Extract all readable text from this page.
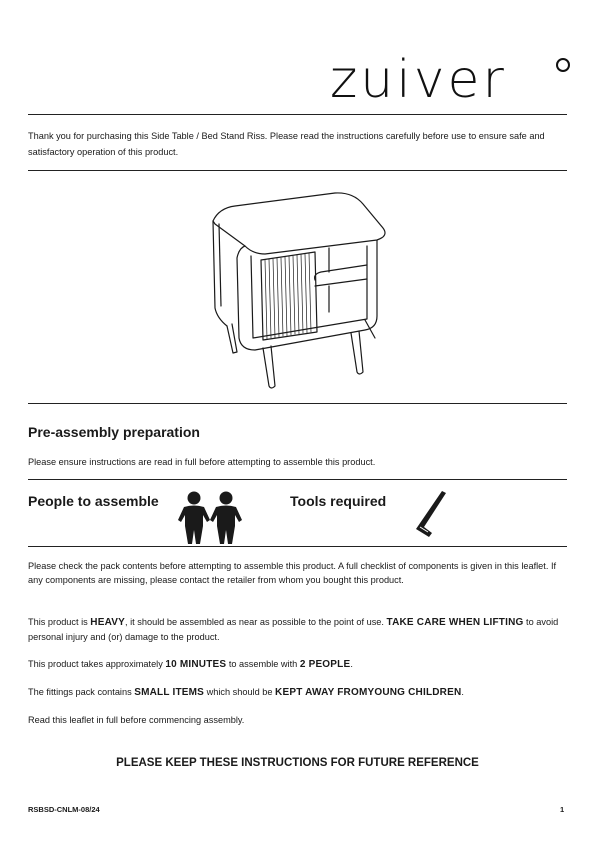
zuiver
Thank you for purchasing this Side Table / Bed Stand Riss. Please read the instructions carefully before use to ensure safe and satisfactory operation of this product.
Pre-assembly preparation
Please ensure instructions are read in full before attempting to assemble this product.
People to assemble	Tools required
Please check the pack contents before attempting to assemble this product. A full checklist of components is given in this leaflet. If any components are missing, please contact the retailer from whom you bought this product.
This product is HEAVY, it should be assembled as near as possible to the point of use. TAKE CARE WHEN LIFTING to avoid personal injury and (or) damage to the product.
This product takes approximately 10 MINUTES to assemble with 2 PEOPLE.
The fittings pack contains SMALL ITEMS which should be KEPT AWAY FROMYOUNG CHILDREN.
Read this leaflet in full before commencing assembly.
PLEASE KEEP THESE INSTRUCTIONS FOR FUTURE REFERENCE
RSBSD-CNLM-08/24	1
